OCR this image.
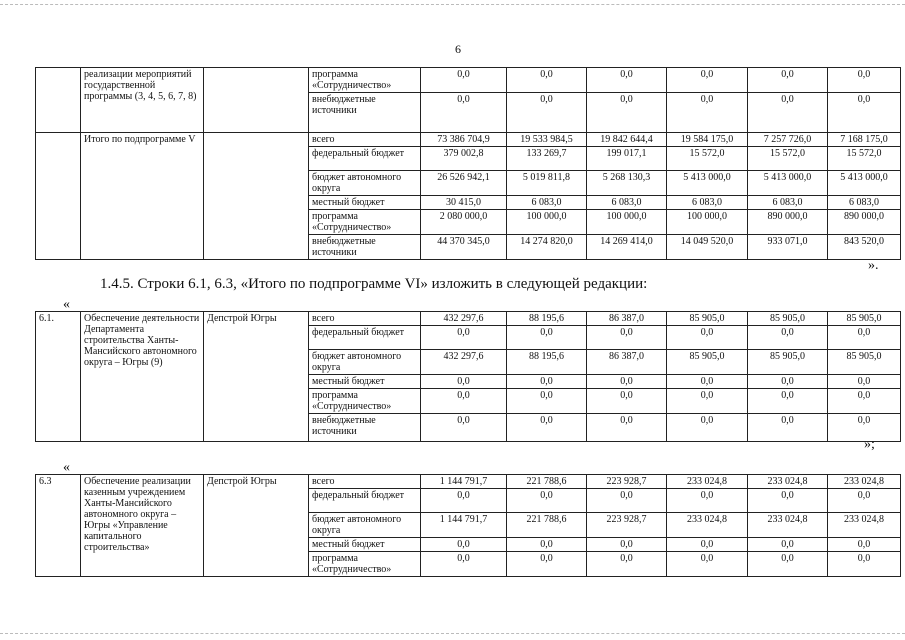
6
	реализации мероприятий государственной программы (3, 4, 5, 6, 7, 8)		программа «Сотрудничество»	0,0	0,0	0,0	0,0	0,0	0,0
			внебюджетные источники	0,0	0,0	0,0	0,0	0,0	0,0
	Итого по подпрограмме V		всего	73 386 704,9	19 533 984,5	19 842 644,4	19 584 175,0	7 257 726,0	7 168 175,0
			федеральный бюджет	379 002,8	133 269,7	199 017,1	15 572,0	15 572,0	15 572,0
			бюджет автономного округа	26 526 942,1	5 019 811,8	5 268 130,3	5 413 000,0	5 413 000,0	5 413 000,0
			местный бюджет	30 415,0	6 083,0	6 083,0	6 083,0	6 083,0	6 083,0
			программа «Сотрудничество»	2 080 000,0	100 000,0	100 000,0	100 000,0	890 000,0	890 000,0
			внебюджетные источники	44 370 345,0	14 274 820,0	14 269 414,0	14 049 520,0	933 071,0	843 520,0
».
1.4.5. Строки 6.1, 6.3, «Итого по подпрограмме VI» изложить в следующей редакции:
«
6.1.	Обеспечение деятельности Департамента строительства Ханты-Мансийского автономного округа – Югры (9)	Депстрой Югры	всего	432 297,6	88 195,6	86 387,0	85 905,0	85 905,0	85 905,0
			федеральный бюджет	0,0	0,0	0,0	0,0	0,0	0,0
			бюджет автономного округа	432 297,6	88 195,6	86 387,0	85 905,0	85 905,0	85 905,0
			местный бюджет	0,0	0,0	0,0	0,0	0,0	0,0
			программа «Сотрудничество»	0,0	0,0	0,0	0,0	0,0	0,0
			внебюджетные источники	0,0	0,0	0,0	0,0	0,0	0,0
»;
«
6.3	Обеспечение реализации казенным учреждением Ханты-Мансийского автономного округа – Югры «Управление капитального строительства»	Депстрой Югры	всего	1 144 791,7	221 788,6	223 928,7	233 024,8	233 024,8	233 024,8
			федеральный бюджет	0,0	0,0	0,0	0,0	0,0	0,0
			бюджет автономного округа	1 144 791,7	221 788,6	223 928,7	233 024,8	233 024,8	233 024,8
			местный бюджет	0,0	0,0	0,0	0,0	0,0	0,0
			программа «Сотрудничество»	0,0	0,0	0,0	0,0	0,0	0,0
